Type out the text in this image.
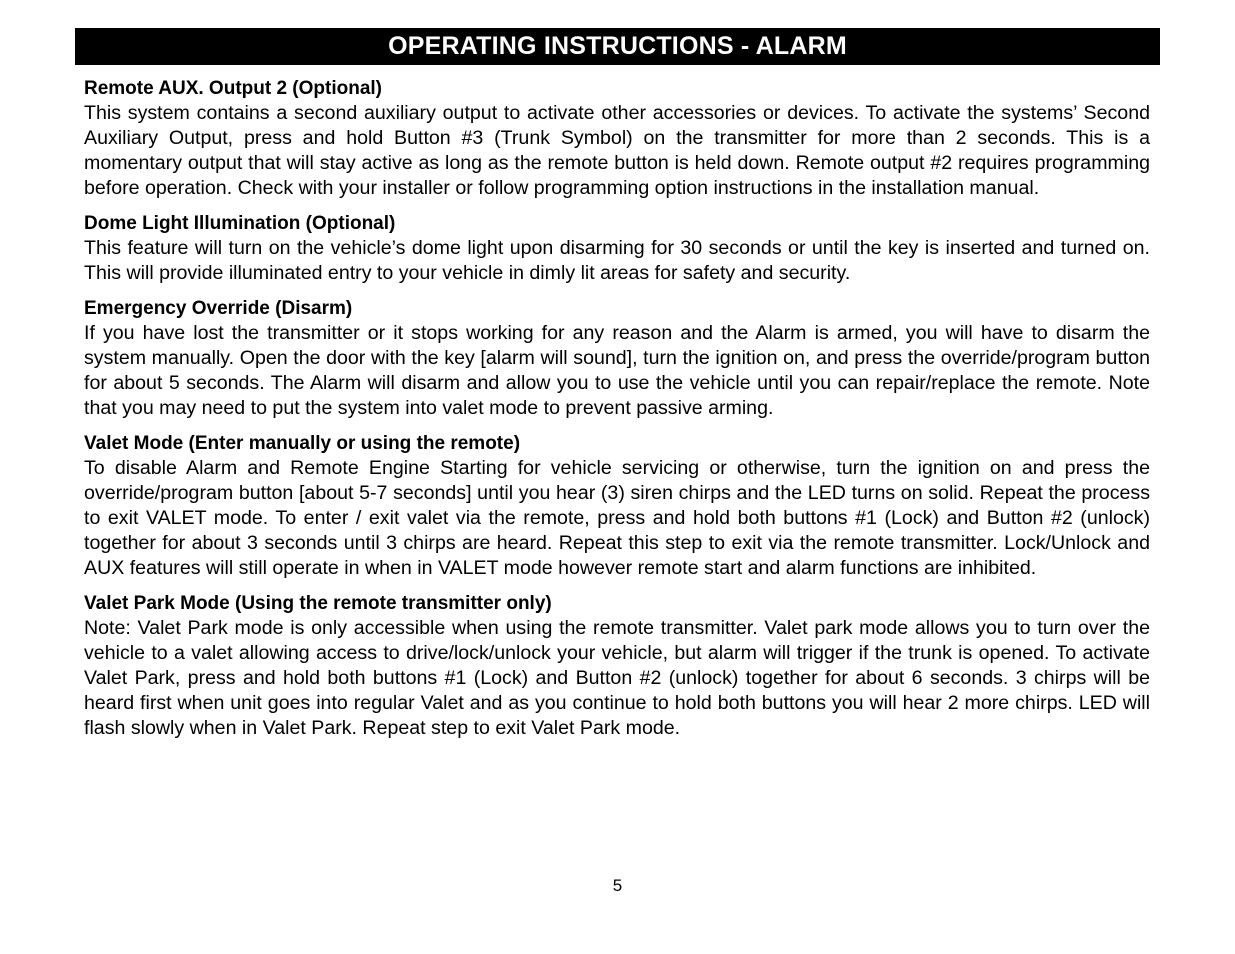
OPERATING INSTRUCTIONS - ALARM

Remote AUX. Output 2 (Optional)

This system contains a second auxiliary output to activate other accessories or devices. To activate the systems’ Second Auxiliary Output, press and hold Button #3 (Trunk Symbol) on the transmitter for more than 2 seconds. This is a momentary output that will stay active as long as the remote button is held down. Remote output #2 requires programming before operation. Check with your installer or follow programming option instructions in the installation manual.

Dome Light Illumination (Optional)

This feature will turn on the vehicle’s dome light upon disarming for 30 seconds or until the key is inserted and turned on. This will provide illuminated entry to your vehicle in dimly lit areas for safety and security.

Emergency Override (Disarm)

If you have lost the transmitter or it stops working for any reason and the Alarm is armed, you will have to disarm the system manually. Open the door with the key [alarm will sound], turn the ignition on, and press the override/program button for about 5 seconds. The Alarm will disarm and allow you to use the vehicle until you can repair/replace the remote. Note that you may need to put the system into valet mode to prevent passive arming.

Valet Mode (Enter manually or using the remote)

To disable Alarm and Remote Engine Starting for vehicle servicing or otherwise, turn the ignition on and press the override/program button [about 5-7 seconds] until you hear (3) siren chirps and the LED turns on solid. Repeat the process to exit VALET mode. To enter / exit valet via the remote, press and hold both buttons #1 (Lock) and Button #2 (unlock) together for about 3 seconds until 3 chirps are heard. Repeat this step to exit via the remote transmitter. Lock/Unlock and AUX features will still operate in when in VALET mode however remote start and alarm functions are inhibited.

Valet Park Mode (Using the remote transmitter only)

Note: Valet Park mode is only accessible when using the remote transmitter. Valet park mode allows you to turn over the vehicle to a valet allowing access to drive/lock/unlock your vehicle, but alarm will trigger if the trunk is opened. To activate Valet Park, press and hold both buttons #1 (Lock) and Button #2 (unlock) together for about 6 seconds. 3 chirps will be heard first when unit goes into regular Valet and as you continue to hold both buttons you will hear 2 more chirps. LED will flash slowly when in Valet Park. Repeat step to exit Valet Park mode.

5
